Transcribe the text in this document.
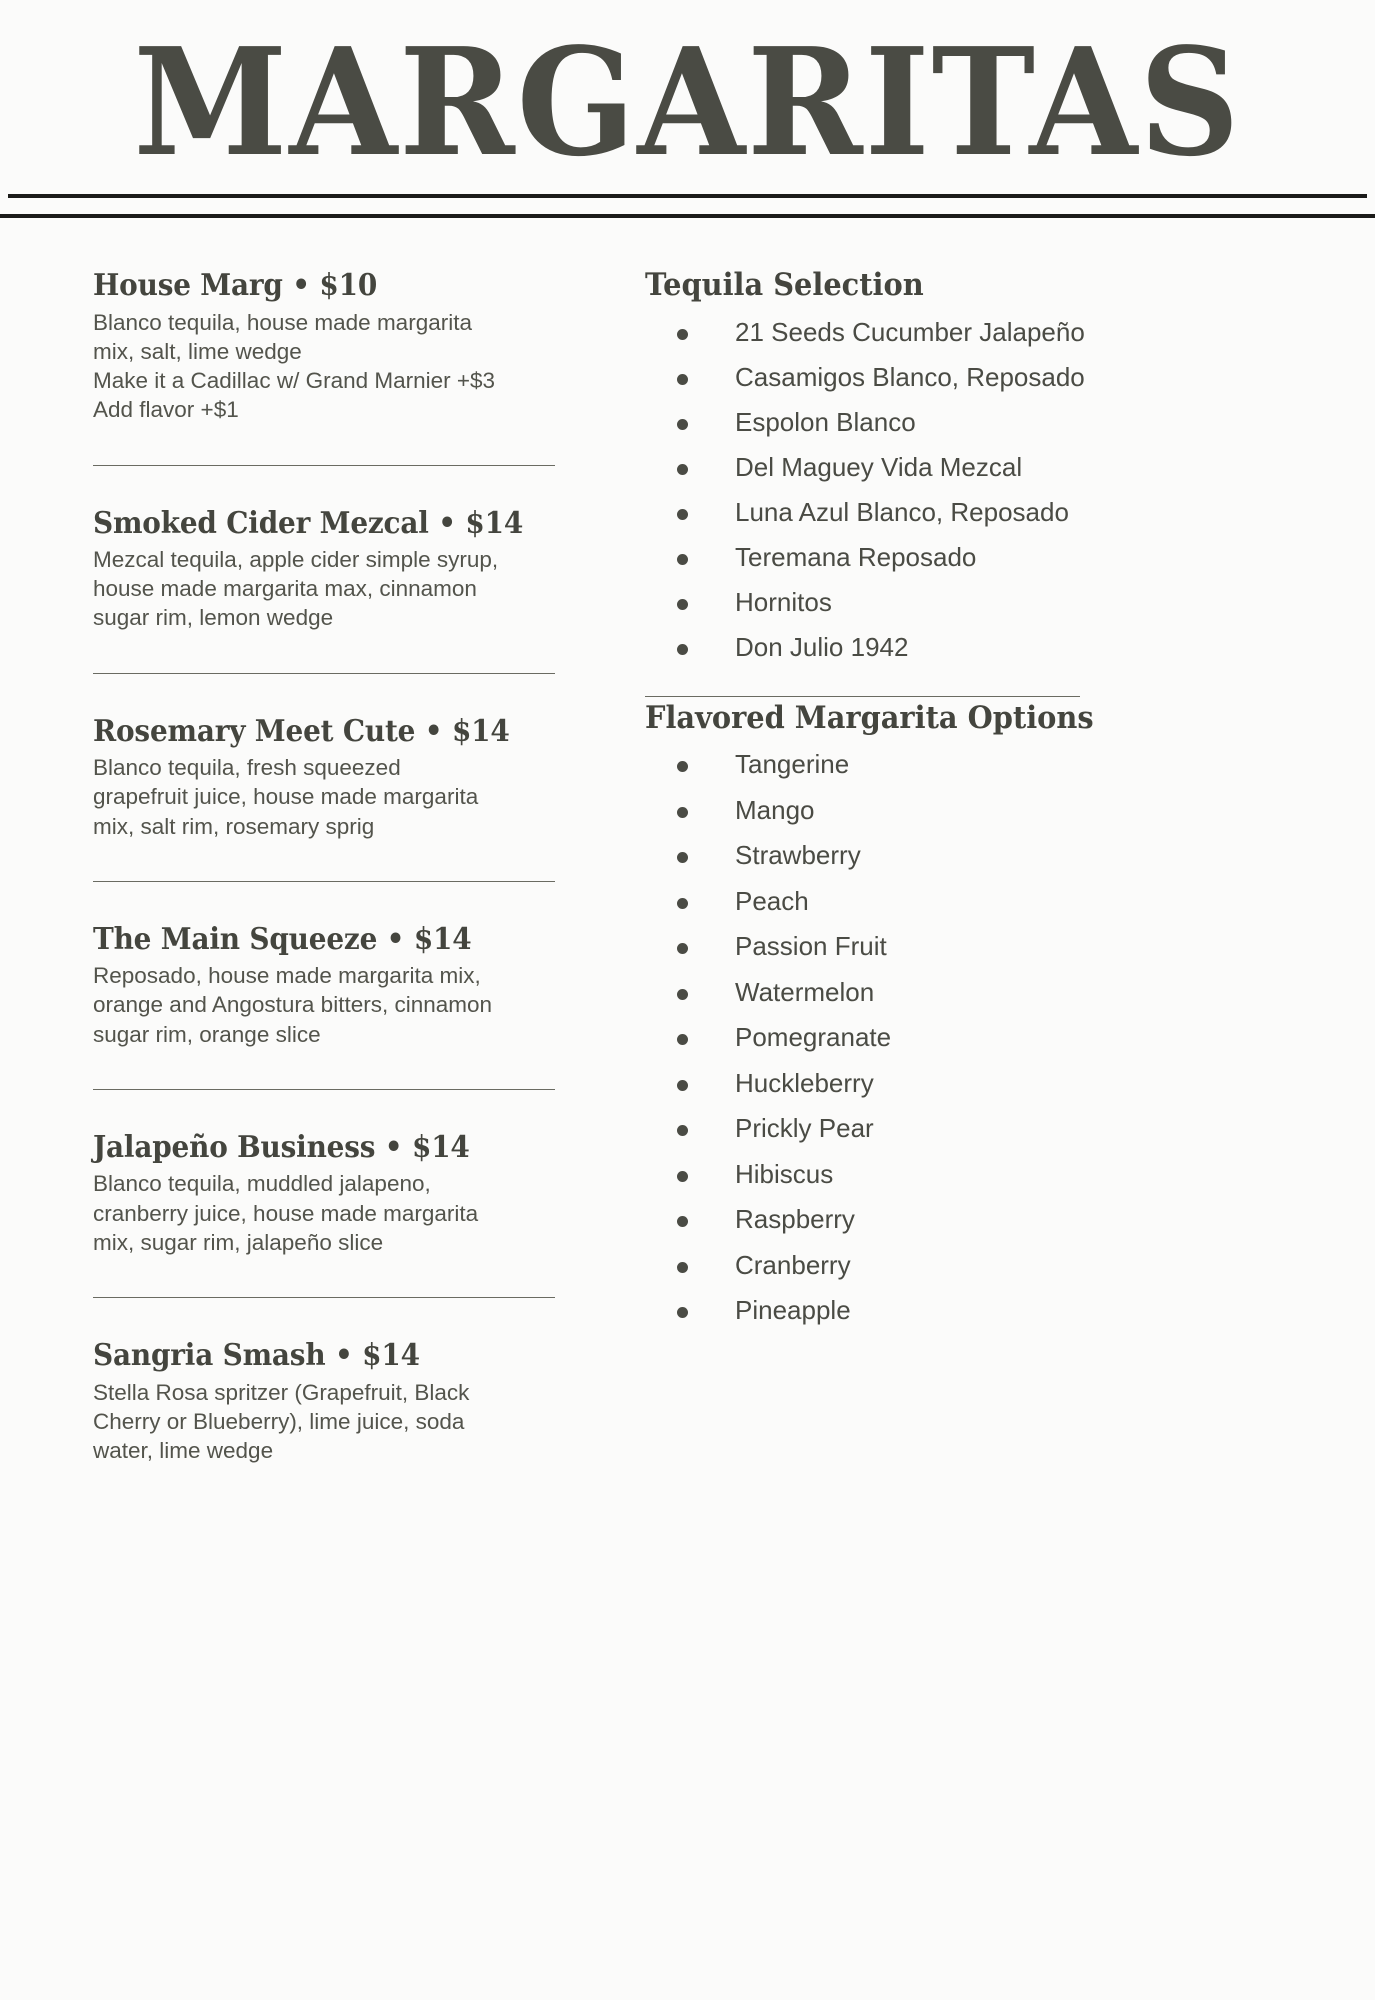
MARGARITAS
House Marg • $10

Blanco tequila, house made margarita
mix, salt, lime wedge
Make it a Cadillac w/ Grand Marnier +$3
Add flavor +$1

Smoked Cider Mezcal • $14

Mezcal tequila, apple cider simple syrup,
house made margarita max, cinnamon
sugar rim, lemon wedge

Rosemary Meet Cute • $14

Blanco tequila, fresh squeezed
grapefruit juice, house made margarita
mix, salt rim, rosemary sprig

The Main Squeeze • $14

Reposado, house made margarita mix,
orange and Angostura bitters, cinnamon
sugar rim, orange slice

Jalapeño Business • $14

Blanco tequila, muddled jalapeno,
cranberry juice, house made margarita
mix, sugar rim, jalapeño slice

Sangria Smash • $14

Stella Rosa spritzer (Grapefruit, Black
Cherry or Blueberry), lime juice, soda
water, lime wedge

Tequila Selection
21 Seeds Cucumber Jalapeño
Casamigos Blanco, Reposado
Espolon Blanco
Del Maguey Vida Mezcal
Luna Azul Blanco, Reposado
Teremana Reposado
Hornitos
Don Julio 1942
Flavored Margarita Options
Tangerine
Mango
Strawberry
Peach
Passion Fruit
Watermelon
Pomegranate
Huckleberry
Prickly Pear
Hibiscus
Raspberry
Cranberry
Pineapple
